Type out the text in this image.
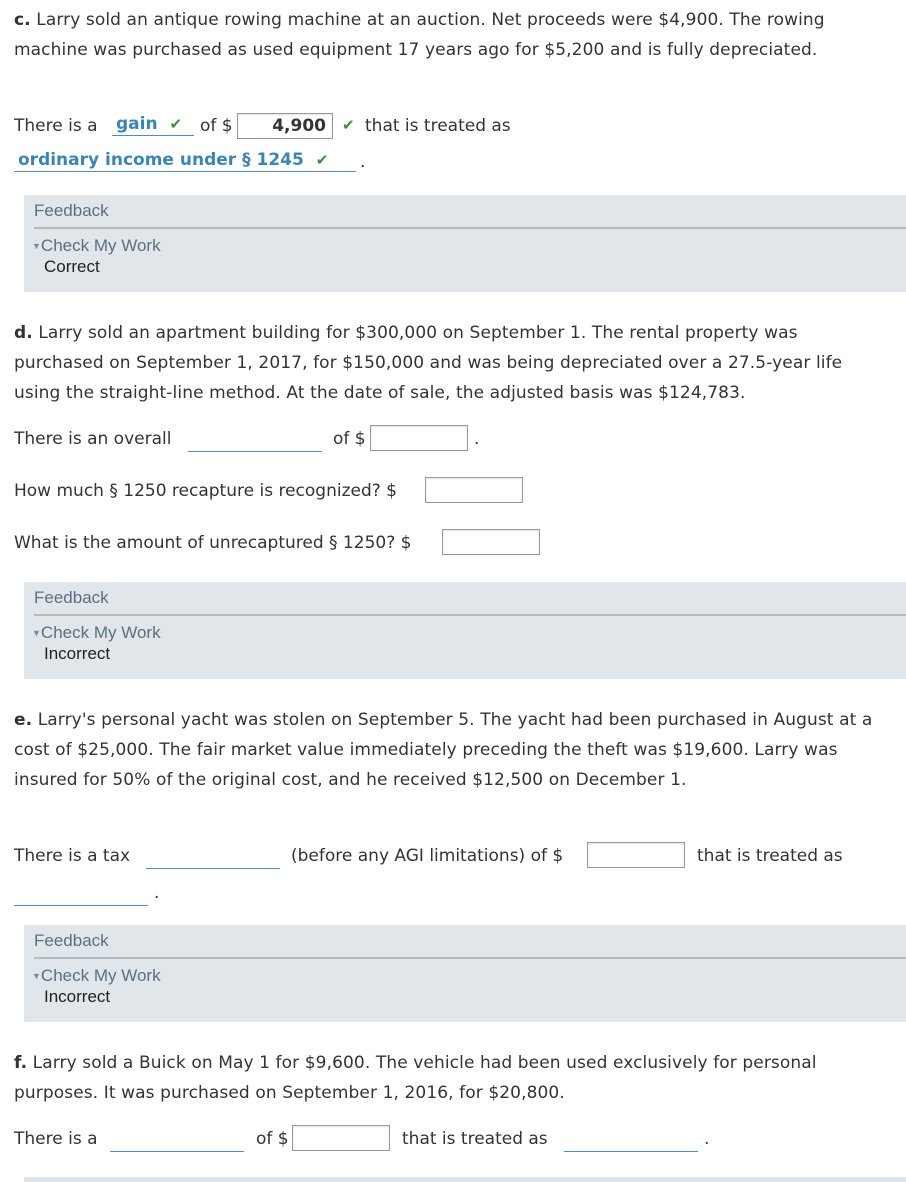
c. Larry sold an antique rowing machine at an auction. Net proceeds were $4,900. The rowing machine was purchased as used equipment 17 years ago for $5,200 and is fully depreciated.

There is a gain ✔	of $	4,900	✔ that is treated as
ordinary income under § 1245 ✔	.
Feedback
▼Check My Work
Correct

d. Larry sold an apartment building for $300,000 on September 1. The rental property was purchased on September 1, 2017, for $150,000 and was being depreciated over a 27.5-year life using the straight-line method. At the date of sale, the adjusted basis was $124,783.

There is an overall	of $	.
How much § 1250 recapture is recognized? $
What is the amount of unrecaptured § 1250? $
Feedback
▼Check My Work
Incorrect

e. Larry's personal yacht was stolen on September 5. The yacht had been purchased in August at a cost of $25,000. The fair market value immediately preceding the theft was $19,600. Larry was insured for 50% of the original cost, and he received $12,500 on December 1.

There is a tax	(before any AGI limitations) of $	that is treated as
.
Feedback
▼Check My Work
Incorrect

f. Larry sold a Buick on May 1 for $9,600. The vehicle had been used exclusively for personal purposes. It was purchased on September 1, 2016, for $20,800.

There is a	of $	that is treated as	.
